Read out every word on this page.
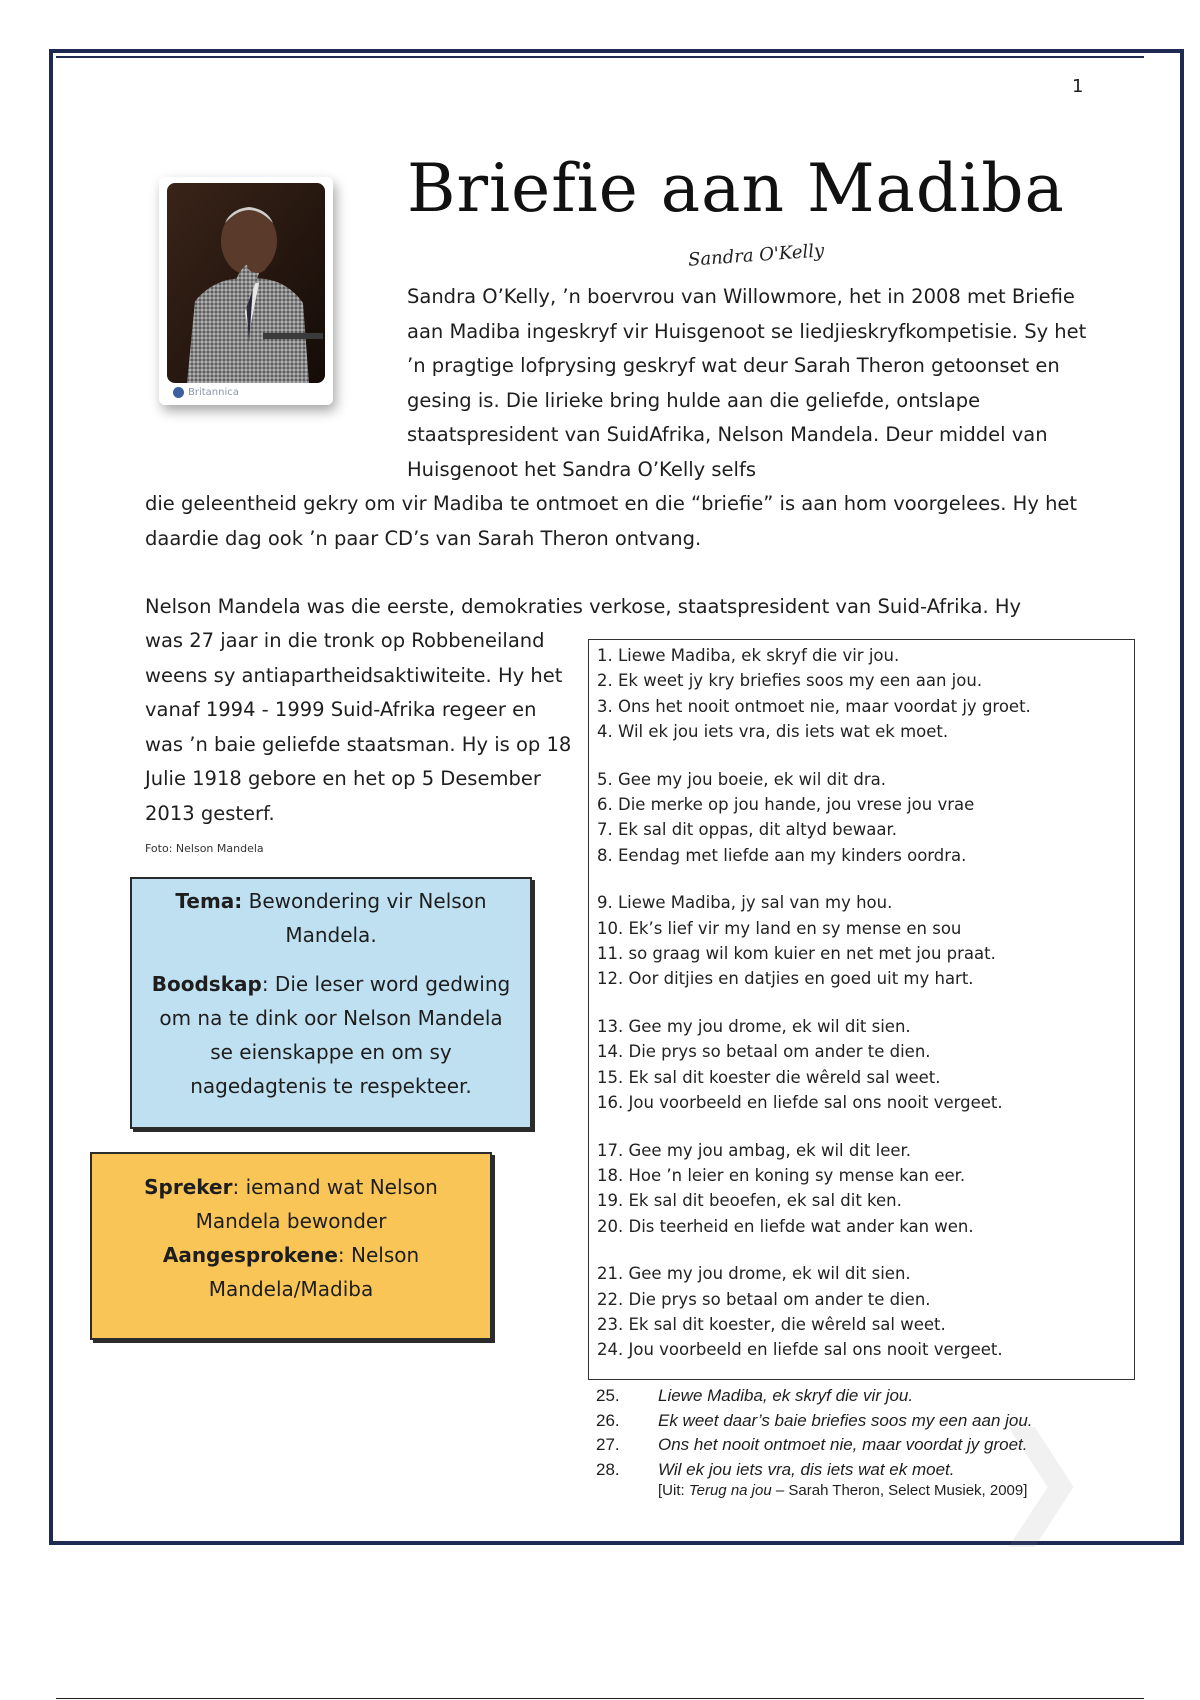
1
Briefie aan Madiba
Sandra O'Kelly
Britannica

Sandra O’Kelly, ’n boervrou van Willowmore, het in 2008 met Briefie aan Madiba ingeskryf vir Huisgenoot se liedjieskryfkompetisie. Sy het ’n pragtige lofprysing geskryf wat deur Sarah Theron getoonset en gesing is. Die lirieke bring hulde aan die geliefde, ontslape staatspresident van SuidAfrika, Nelson Mandela. Deur middel van Huisgenoot het Sandra O’Kelly selfs

die geleentheid gekry om vir Madiba te ontmoet en die “briefie” is aan hom voorgelees. Hy het daardie dag ook ’n paar CD’s van Sarah Theron ontvang.

Nelson Mandela was die eerste, demokraties verkose, staatspresident van Suid-Afrika. Hy

was 27 jaar in die tronk op Robbeneiland weens sy antiapartheidsaktiwiteite. Hy het vanaf 1994 - 1999 Suid-Afrika regeer en was ’n baie geliefde staatsman. Hy is op 18 Julie 1918 gebore en het op 5 Desember 2013 gesterf.

Foto: Nelson Mandela

Tema: Bewondering vir Nelson Mandela.

Boodskap: Die leser word gedwing om na te dink oor Nelson Mandela se eienskappe en om sy nagedagtenis te respekteer.

Spreker: iemand wat Nelson Mandela bewonder

Aangesprokene: Nelson Mandela/Madiba

1. Liewe Madiba, ek skryf die vir jou.
2. Ek weet jy kry briefies soos my een aan jou.
3. Ons het nooit ontmoet nie, maar voordat jy groet.
4. Wil ek jou iets vra, dis iets wat ek moet.
5. Gee my jou boeie, ek wil dit dra.
6. Die merke op jou hande, jou vrese jou vrae
7. Ek sal dit oppas, dit altyd bewaar.
8. Eendag met liefde aan my kinders oordra.
9. Liewe Madiba, jy sal van my hou.
10. Ek’s lief vir my land en sy mense en sou
11. so graag wil kom kuier en net met jou praat.
12. Oor ditjies en datjies en goed uit my hart.
13. Gee my jou drome, ek wil dit sien.
14. Die prys so betaal om ander te dien.
15. Ek sal dit koester die wêreld sal weet.
16. Jou voorbeeld en liefde sal ons nooit vergeet.
17. Gee my jou ambag, ek wil dit leer.
18. Hoe ’n leier en koning sy mense kan eer.
19. Ek sal dit beoefen, ek sal dit ken.
20. Dis teerheid en liefde wat ander kan wen.
21. Gee my jou drome, ek wil dit sien.
22. Die prys so betaal om ander te dien.
23. Ek sal dit koester, die wêreld sal weet.
24. Jou voorbeeld en liefde sal ons nooit vergeet.
25. Liewe Madiba, ek skryf die vir jou.
26. Ek weet daar’s baie briefies soos my een aan jou.
27. Ons het nooit ontmoet nie, maar voordat jy groet.
28. Wil ek jou iets vra, dis iets wat ek moet.
[Uit: Terug na jou – Sarah Theron, Select Musiek, 2009]
❯
